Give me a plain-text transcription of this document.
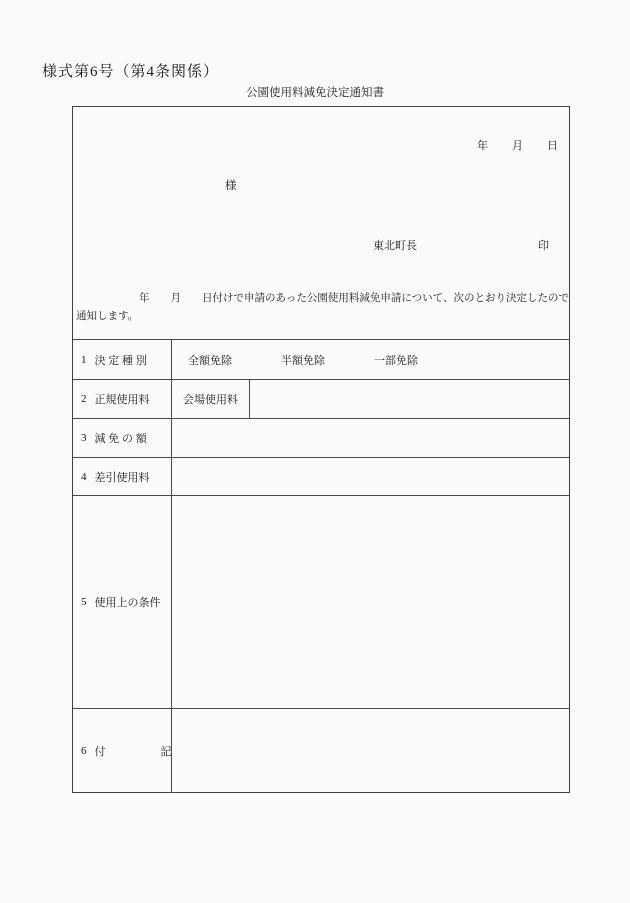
様式第6号（第4条関係）
公園使用料減免決定通知書
年 月 日
様
東北町長	印
　　　　　　年　　月　　日付けで申請のあった公園使用料減免申請について、次のとおり決定したので
通知します。
1 決 定 種 別	全額免除	半額免除	一部免除
2 正規使用料	会場使用料
3 減 免 の 額
4 差引使用料
5 使用上の条件
6 付　　　　　記
